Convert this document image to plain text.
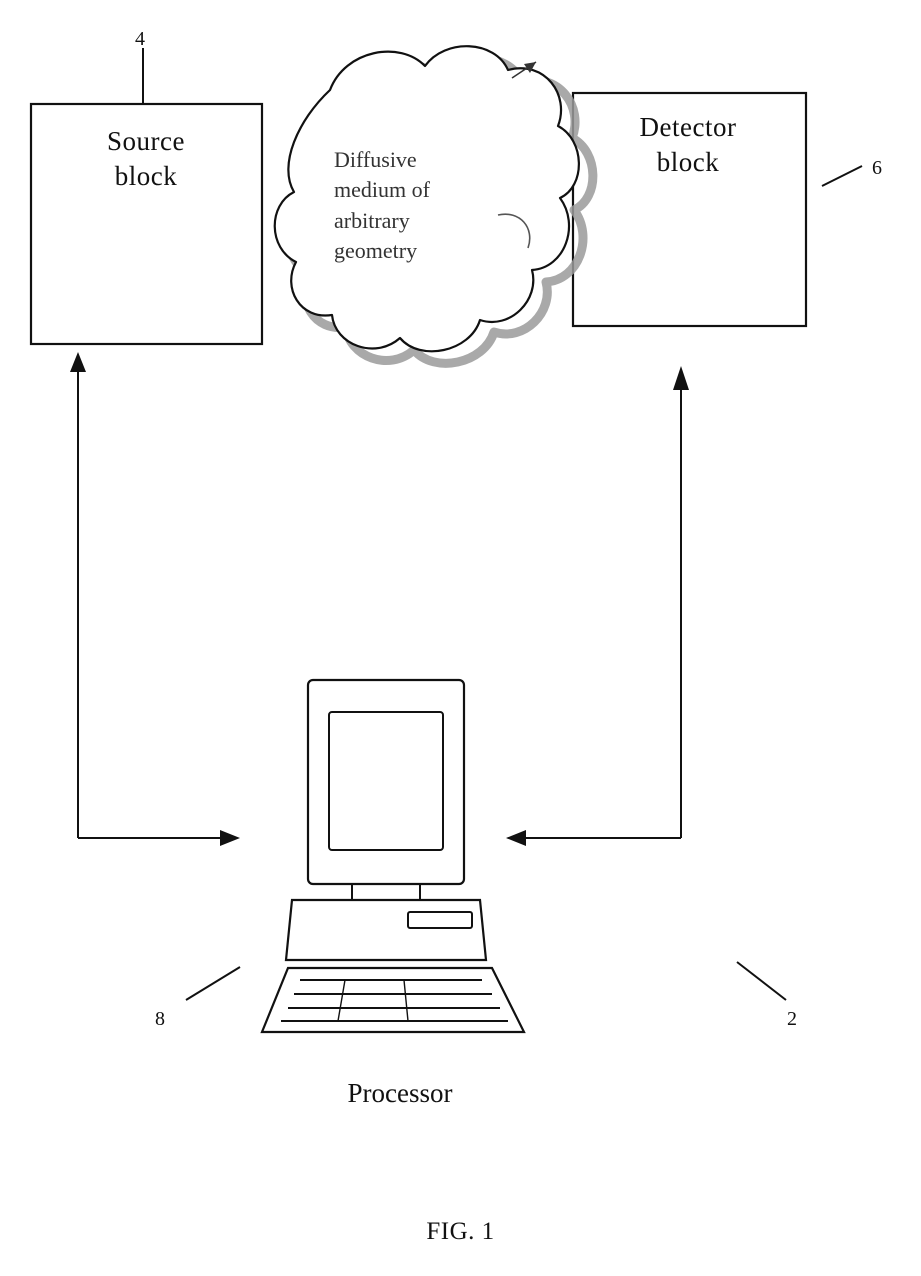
Source
block
Detector
block
Diffusive
medium of
arbitrary
geometry
Processor
4
6
8	2
FIG. 1
